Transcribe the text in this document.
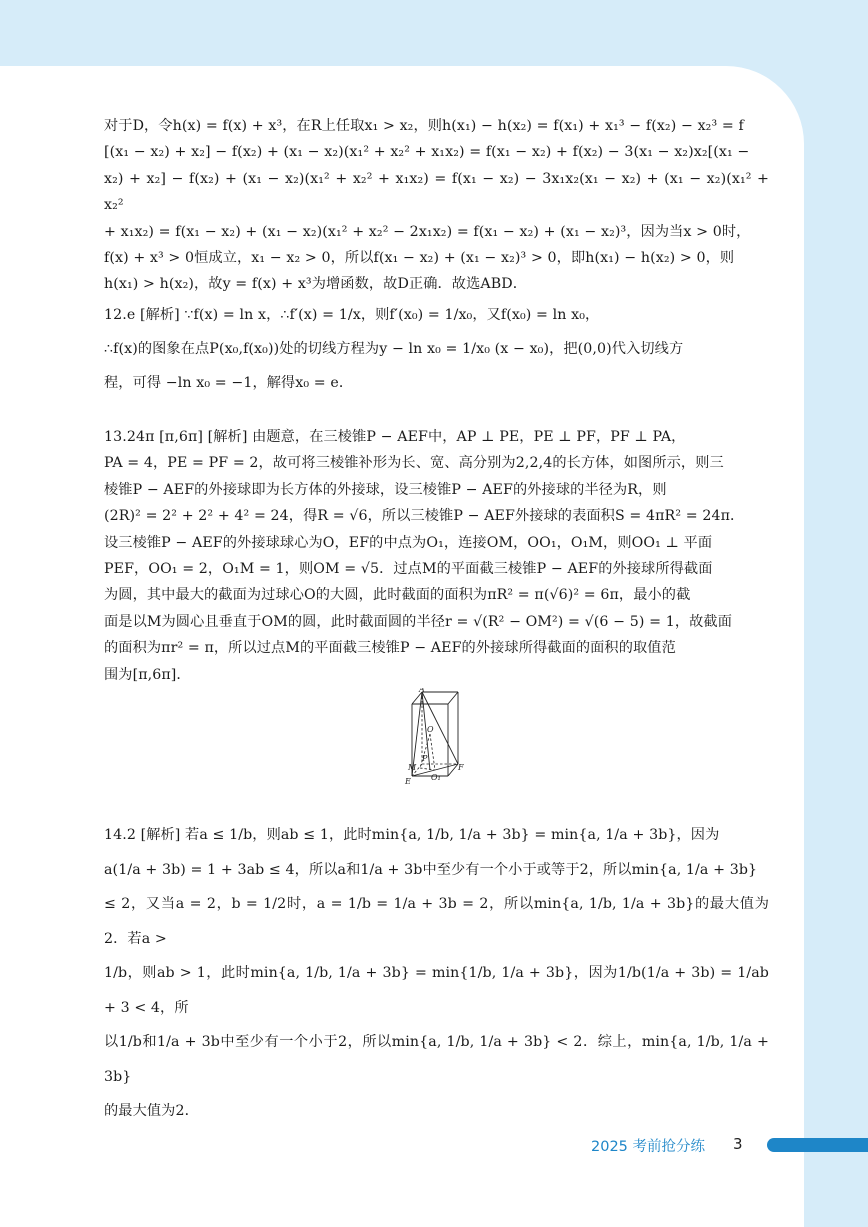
对于D，令h(x) = f(x) + x³，在R上任取x₁ > x₂，则h(x₁) − h(x₂) = f(x₁) + x₁³ − f(x₂) − x₂³ = f

[(x₁ − x₂) + x₂] − f(x₂) + (x₁ − x₂)(x₁² + x₂² + x₁x₂) = f(x₁ − x₂) + f(x₂) − 3(x₁ − x₂)x₂[(x₁ −

x₂) + x₂] − f(x₂) + (x₁ − x₂)(x₁² + x₂² + x₁x₂) = f(x₁ − x₂) − 3x₁x₂(x₁ − x₂) + (x₁ − x₂)(x₁² + x₂²

+ x₁x₂) = f(x₁ − x₂) + (x₁ − x₂)(x₁² + x₂² − 2x₁x₂) = f(x₁ − x₂) + (x₁ − x₂)³，因为当x > 0时，

f(x) + x³ > 0恒成立，x₁ − x₂ > 0，所以f(x₁ − x₂) + (x₁ − x₂)³ > 0，即h(x₁) − h(x₂) > 0，则

h(x₁) > h(x₂)，故y = f(x) + x³为增函数，故D正确．故选ABD．

12.e [解析] ∵f(x) = ln x，∴f′(x) = 1/x，则f′(x₀) = 1/x₀，又f(x₀) = ln x₀，

∴f(x)的图象在点P(x₀,f(x₀))处的切线方程为y − ln x₀ = 1/x₀ (x − x₀)，把(0,0)代入切线方

程，可得 −ln x₀ = −1，解得x₀ = e．

13.24π [π,6π] [解析] 由题意，在三棱锥P − AEF中，AP ⊥ PE，PE ⊥ PF，PF ⊥ PA，

PA = 4，PE = PF = 2，故可将三棱锥补形为长、宽、高分别为2,2,4的长方体，如图所示，则三

棱锥P − AEF的外接球即为长方体的外接球，设三棱锥P − AEF的外接球的半径为R，则

(2R)² = 2² + 2² + 4² = 24，得R = √6，所以三棱锥P − AEF外接球的表面积S = 4πR² = 24π．

设三棱锥P − AEF的外接球球心为O，EF的中点为O₁，连接OM，OO₁，O₁M，则OO₁ ⊥ 平面

PEF，OO₁ = 2，O₁M = 1，则OM = √5．过点M的平面截三棱锥P − AEF的外接球所得截面

为圆，其中最大的截面为过球心O的大圆，此时截面的面积为πR² = π(√6)² = 6π，最小的截

面是以M为圆心且垂直于OM的圆，此时截面圆的半径r = √(R² − OM²) = √(6 − 5) = 1，故截面

的面积为πr² = π，所以过点M的平面截三棱锥P − AEF的外接球所得截面的面积的取值范

围为[π,6π]．

A
O
P
M
E	O₁
F

14.2 [解析] 若a ≤ 1/b，则ab ≤ 1，此时min{a, 1/b, 1/a + 3b} = min{a, 1/a + 3b}，因为

a(1/a + 3b) = 1 + 3ab ≤ 4，所以a和1/a + 3b中至少有一个小于或等于2，所以min{a, 1/a + 3b}

≤ 2，又当a = 2，b = 1/2时，a = 1/b = 1/a + 3b = 2，所以min{a, 1/b, 1/a + 3b}的最大值为2．若a >

1/b，则ab > 1，此时min{a, 1/b, 1/a + 3b} = min{1/b, 1/a + 3b}，因为1/b(1/a + 3b) = 1/ab + 3 < 4，所

以1/b和1/a + 3b中至少有一个小于2，所以min{a, 1/b, 1/a + 3b} < 2．综上，min{a, 1/b, 1/a + 3b}

的最大值为2．

2025 考前抢分练 3
